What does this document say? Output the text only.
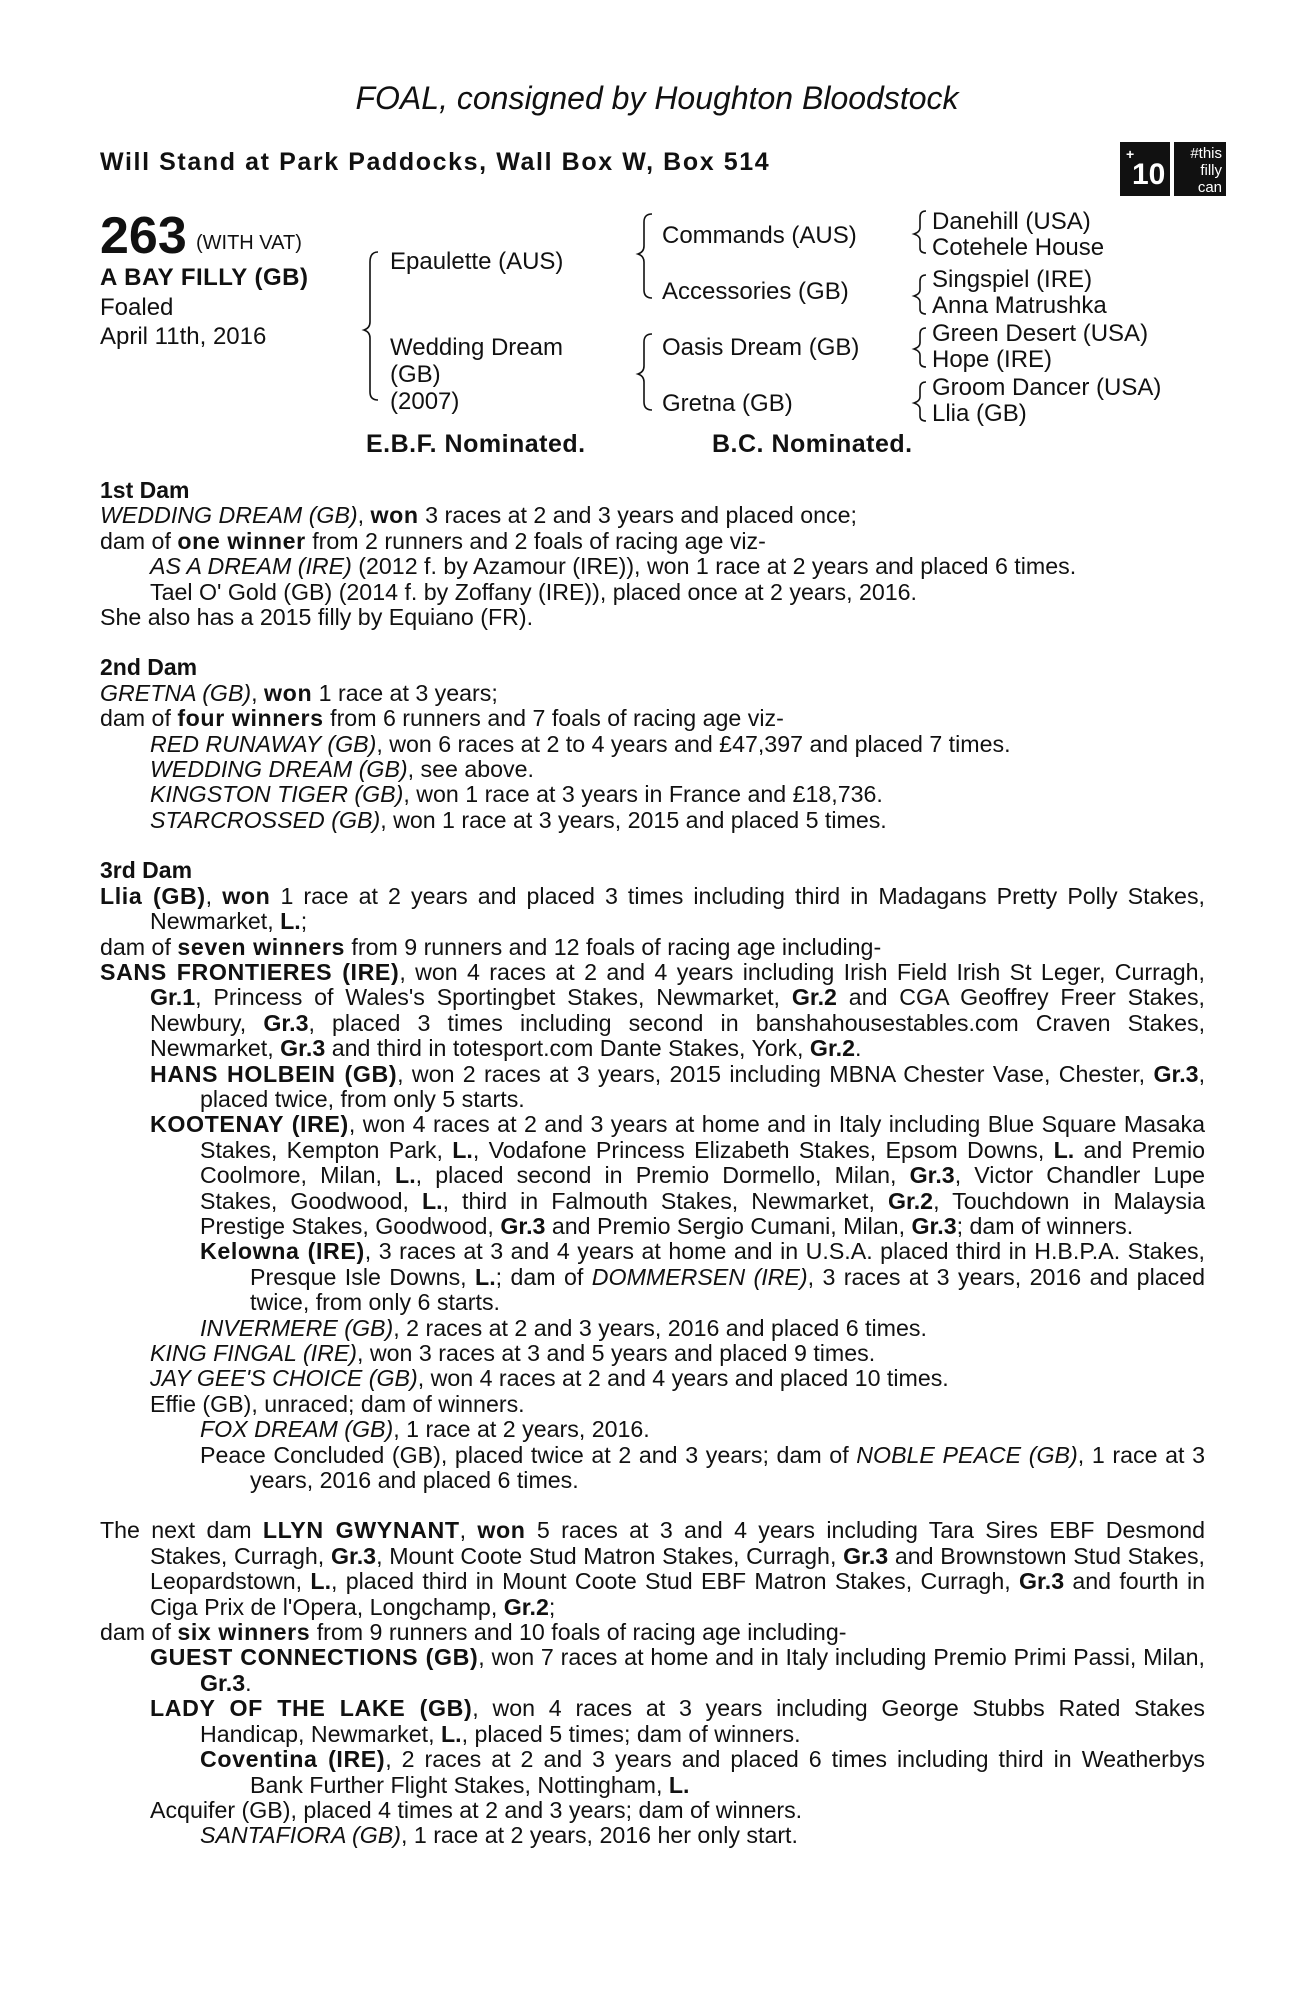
FOAL, consigned by Houghton Bloodstock
Will Stand at Park Paddocks, Wall Box W, Box 514	+
10
#this
filly
can
263 (WITH VAT)
A BAY FILLY (GB)
Foaled
April 11th, 2016
Epaulette (AUS)
Wedding Dream
(GB)
(2007)
Commands (AUS)
Accessories (GB)
Oasis Dream (GB)
Gretna (GB)
Danehill (USA)
Cotehele House
Singspiel (IRE)
Anna Matrushka
Green Desert (USA)
Hope (IRE)
Groom Dancer (USA)
Llia (GB)
E.B.F. Nominated.	B.C. Nominated.

1st Dam

WEDDING DREAM (GB), won 3 races at 2 and 3 years and placed once;

dam of one winner from 2 runners and 2 foals of racing age viz-

AS A DREAM (IRE) (2012 f. by Azamour (IRE)), won 1 race at 2 years and placed 6 times.

Tael O' Gold (GB) (2014 f. by Zoffany (IRE)), placed once at 2 years, 2016.

She also has a 2015 filly by Equiano (FR).

2nd Dam

GRETNA (GB), won 1 race at 3 years;

dam of four winners from 6 runners and 7 foals of racing age viz-

RED RUNAWAY (GB), won 6 races at 2 to 4 years and £47,397 and placed 7 times.

WEDDING DREAM (GB), see above.

KINGSTON TIGER (GB), won 1 race at 3 years in France and £18,736.

STARCROSSED (GB), won 1 race at 3 years, 2015 and placed 5 times.

3rd Dam

Llia (GB), won 1 race at 2 years and placed 3 times including third in Madagans Pretty Polly Stakes, Newmarket, L.;

dam of seven winners from 9 runners and 12 foals of racing age including-

SANS FRONTIERES (IRE), won 4 races at 2 and 4 years including Irish Field Irish St Leger, Curragh, Gr.1, Princess of Wales's Sportingbet Stakes, Newmarket, Gr.2 and CGA Geoffrey Freer Stakes, Newbury, Gr.3, placed 3 times including second in banshahousestables.com Craven Stakes, Newmarket, Gr.3 and third in totesport.com Dante Stakes, York, Gr.2.

HANS HOLBEIN (GB), won 2 races at 3 years, 2015 including MBNA Chester Vase, Chester, Gr.3, placed twice, from only 5 starts.

KOOTENAY (IRE), won 4 races at 2 and 3 years at home and in Italy including Blue Square Masaka Stakes, Kempton Park, L., Vodafone Princess Elizabeth Stakes, Epsom Downs, L. and Premio Coolmore, Milan, L., placed second in Premio Dormello, Milan, Gr.3, Victor Chandler Lupe Stakes, Goodwood, L., third in Falmouth Stakes, Newmarket, Gr.2, Touchdown in Malaysia Prestige Stakes, Goodwood, Gr.3 and Premio Sergio Cumani, Milan, Gr.3; dam of winners.

Kelowna (IRE), 3 races at 3 and 4 years at home and in U.S.A. placed third in H.B.P.A. Stakes, Presque Isle Downs, L.; dam of DOMMERSEN (IRE), 3 races at 3 years, 2016 and placed twice, from only 6 starts.

INVERMERE (GB), 2 races at 2 and 3 years, 2016 and placed 6 times.

KING FINGAL (IRE), won 3 races at 3 and 5 years and placed 9 times.

JAY GEE'S CHOICE (GB), won 4 races at 2 and 4 years and placed 10 times.

Effie (GB), unraced; dam of winners.

FOX DREAM (GB), 1 race at 2 years, 2016.

Peace Concluded (GB), placed twice at 2 and 3 years; dam of NOBLE PEACE (GB), 1 race at 3 years, 2016 and placed 6 times.

The next dam LLYN GWYNANT, won 5 races at 3 and 4 years including Tara Sires EBF Desmond Stakes, Curragh, Gr.3, Mount Coote Stud Matron Stakes, Curragh, Gr.3 and Brownstown Stud Stakes, Leopardstown, L., placed third in Mount Coote Stud EBF Matron Stakes, Curragh, Gr.3 and fourth in Ciga Prix de l'Opera, Longchamp, Gr.2;

dam of six winners from 9 runners and 10 foals of racing age including-

GUEST CONNECTIONS (GB), won 7 races at home and in Italy including Premio Primi Passi, Milan, Gr.3.

LADY OF THE LAKE (GB), won 4 races at 3 years including George Stubbs Rated Stakes Handicap, Newmarket, L., placed 5 times; dam of winners.

Coventina (IRE), 2 races at 2 and 3 years and placed 6 times including third in Weatherbys Bank Further Flight Stakes, Nottingham, L.

Acquifer (GB), placed 4 times at 2 and 3 years; dam of winners.

SANTAFIORA (GB), 1 race at 2 years, 2016 her only start.
